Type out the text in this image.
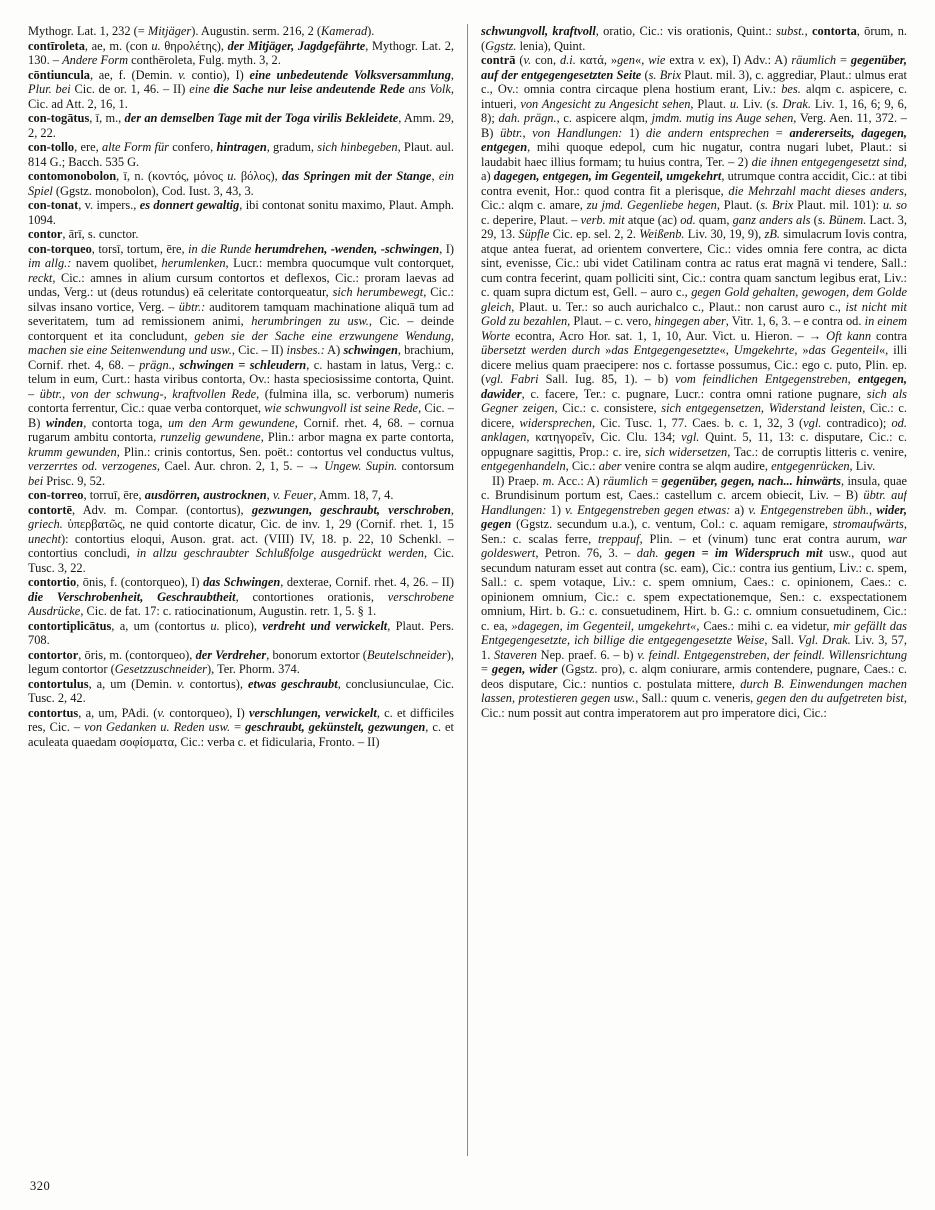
Mythogr. Lat. 1, 232 (= Mitjäger). Augustin. serm. 216, 2 (Kamerad).

contīroleta, ae, m. (con u. θηρολέτης), der Mitjäger, Jagdgefährte, Mythogr. Lat. 2, 130. – Andere Form conthēroleta, Fulg. myth. 3, 2.

cōntiuncula, ae, f. (Demin. v. contio), I) eine unbedeutende Volksversammlung, Plur. bei Cic. de or. 1, 46. – II) eine die Sache nur leise andeutende Rede ans Volk, Cic. ad Att. 2, 16, 1.

con-togātus, ī, m., der an demselben Tage mit der Toga virilis Bekleidete, Amm. 29, 2, 22.

con-tollo, ere, alte Form für confero, hintragen, gradum, sich hinbegeben, Plaut. aul. 814 G.; Bacch. 535 G.

contomonobolon, ī, n. (κοντός, μόνος u. βόλος), das Springen mit der Stange, ein Spiel (Ggstz. monobolon), Cod. Iust. 3, 43, 3.

con-tonat, v. impers., es donnert gewaltig, ibi contonat sonitu maximo, Plaut. Amph. 1094.

contor, ārī, s. cunctor.

con-torqueo, torsī, tortum, ēre, in die Runde herumdrehen, -wenden, -schwingen, I) im allg.: navem quolibet, herumlenken, Lucr.: membra quocumque vult contorquet, reckt, Cic.: amnes in alium cursum contortos et deflexos, Cic.: proram laevas ad undas, Verg.: ut (deus rotundus) eā celeritate contorqueatur, sich herumbewegt, Cic.: silvas insano vortice, Verg. – übtr.: auditorem tamquam machinatione aliquā tum ad severitatem, tum ad remissionem animi, herumbringen zu usw., Cic. – deinde contorquent et ita concludunt, geben sie der Sache eine erzwungene Wendung, machen sie eine Seitenwendung und usw., Cic. – II) insbes.: A) schwingen, brachium, Cornif. rhet. 4, 68. – prägn., schwingen = schleudern, c. hastam in latus, Verg.: c. telum in eum, Curt.: hasta viribus contorta, Ov.: hasta speciosissime contorta, Quint. – übtr., von der schwung-, kraftvollen Rede, (fulmina illa, sc. verborum) numeris contorta ferrentur, Cic.: quae verba contorquet, wie schwungvoll ist seine Rede, Cic. – B) winden, contorta toga, um den Arm gewundene, Cornif. rhet. 4, 68. – cornua rugarum ambitu contorta, runzelig gewundene, Plin.: arbor magna ex parte contorta, krumm gewunden, Plin.: crinis contortus, Sen. poët.: contortus vel conductus vultus, verzerrtes od. verzogenes, Cael. Aur. chron. 2, 1, 5. – → Ungew. Supin. contorsum bei Prisc. 9, 52.

con-torreo, torruī, ēre, ausdörren, austrocknen, v. Feuer, Amm. 18, 7, 4.

contortē, Adv. m. Compar. (contortus), gezwungen, geschraubt, verschroben, griech. ὑπερβατῶς, ne quid contorte dicatur, Cic. de inv. 1, 29 (Cornif. rhet. 1, 15 unecht): contortius eloqui, Auson. grat. act. (VIII) IV, 18. p. 22, 10 Schenkl. – contortius concludi, in allzu geschraubter Schlußfolge ausgedrückt werden, Cic. Tusc. 3, 22.

contortio, ōnis, f. (contorqueo), I) das Schwingen, dexterae, Cornif. rhet. 4, 26. – II) die Verschrobenheit, Geschraubtheit, contortiones orationis, verschrobene Ausdrücke, Cic. de fat. 17: c. ratiocinationum, Augustin. retr. 1, 5. § 1.

contortiplicātus, a, um (contortus u. plico), verdreht und verwickelt, Plaut. Pers. 708.

contortor, ōris, m. (contorqueo), der Verdreher, bonorum extortor (Beutelschneider), legum contortor (Gesetzzuschneider), Ter. Phorm. 374.

contortulus, a, um (Demin. v. contortus), etwas geschraubt, conclusiunculae, Cic. Tusc. 2, 42.

contortus, a, um, PAdi. (v. contorqueo), I) verschlungen, verwickelt, c. et difficiles res, Cic. – von Gedanken u. Reden usw. = geschraubt, gekünstelt, gezwungen, c. et aculeata quaedam σοφίσματα, Cic.: verba c. et fidicularia, Fronto. – II)

schwungvoll, kraftvoll, oratio, Cic.: vis orationis, Quint.: subst., contorta, ōrum, n. (Ggstz. lenia), Quint.

contrā (v. con, d.i. κατά, »gen«, wie extra v. ex), I) Adv.: A) räumlich = gegenüber, auf der entgegengesetzten Seite (s. Brix Plaut. mil. 3), c. aggrediar, Plaut.: ulmus erat c., Ov.: omnia contra circaque plena hostium erant, Liv.: bes. alqm c. aspicere, c. intueri, von Angesicht zu Angesicht sehen, Plaut. u. Liv. (s. Drak. Liv. 1, 16, 6; 9, 6, 8); dah. prägn., c. aspicere alqm, jmdm. mutig ins Auge sehen, Verg. Aen. 11, 372. – B) übtr., von Handlungen: 1) die andern entsprechen = andererseits, dagegen, entgegen, mihi quoque edepol, cum hic nugatur, contra nugari lubet, Plaut.: si laudabit haec illius formam; tu huius contra, Ter. – 2) die ihnen entgegengesetzt sind, a) dagegen, entgegen, im Gegenteil, umgekehrt, utrumque contra accidit, Cic.: at tibi contra evenit, Hor.: quod contra fit a plerisque, die Mehrzahl macht dieses anders, Cic.: alqm c. amare, zu jmd. Gegenliebe hegen, Plaut. (s. Brix Plaut. mil. 101): u. so c. deperire, Plaut. – verb. mit atque (ac) od. quam, ganz anders als (s. Bünem. Lact. 3, 29, 13. Süpfle Cic. ep. sel. 2, 2. Weißenb. Liv. 30, 19, 9), zB. simulacrum Iovis contra, atque antea fuerat, ad orientem convertere, Cic.: vides omnia fere contra, ac dicta sint, evenisse, Cic.: ubi videt Catilinam contra ac ratus erat magnā vi tendere, Sall.: cum contra fecerint, quam polliciti sint, Cic.: contra quam sanctum legibus erat, Liv.: c. quam supra dictum est, Gell. – auro c., gegen Gold gehalten, gewogen, dem Golde gleich, Plaut. u. Ter.: so auch aurichalco c., Plaut.: non carust auro c., ist nicht mit Gold zu bezahlen, Plaut. – c. vero, hingegen aber, Vitr. 1, 6, 3. – e contra od. in einem Worte econtra, Acro Hor. sat. 1, 1, 10, Aur. Vict. u. Hieron. – → Oft kann contra übersetzt werden durch »das Entgegengesetzte«, Umgekehrte, »das Gegenteil«, illi dicere melius quam praecipere: nos c. fortasse possumus, Cic.: ego c. puto, Plin. ep. (vgl. Fabri Sall. Iug. 85, 1). – b) vom feindlichen Entgegenstreben, entgegen, dawider, c. facere, Ter.: c. pugnare, Lucr.: contra omni ratione pugnare, sich als Gegner zeigen, Cic.: c. consistere, sich entgegensetzen, Widerstand leisten, Cic.: c. dicere, widersprechen, Cic. Tusc. 1, 77. Caes. b. c. 1, 32, 3 (vgl. contradico); od. anklagen, κατηγορεῖν, Cic. Clu. 134; vgl. Quint. 5, 11, 13: c. disputare, Cic.: c. oppugnare sagittis, Prop.: c. ire, sich widersetzen, Tac.: de corruptis litteris c. venire, entgegenhandeln, Cic.: aber venire contra se alqm audire, entgegenrücken, Liv.

II) Praep. m. Acc.: A) räumlich = gegenüber, gegen, nach... hinwärts, insula, quae c. Brundisinum portum est, Caes.: castellum c. arcem obiecit, Liv. – B) übtr. auf Handlungen: 1) v. Entgegenstreben gegen etwas: a) v. Entgegenstreben übh., wider, gegen (Ggstz. secundum u.a.), c. ventum, Col.: c. aquam remigare, stromaufwärts, Sen.: c. scalas ferre, treppauf, Plin. – et (vinum) tunc erat contra aurum, war goldeswert, Petron. 76, 3. – dah. gegen = im Widerspruch mit usw., quod aut secundum naturam esset aut contra (sc. eam), Cic.: contra ius gentium, Liv.: c. spem, Sall.: c. spem votaque, Liv.: c. spem omnium, Caes.: c. opinionem, Caes.: c. opinionem omnium, Cic.: c. spem expectationemque, Sen.: c. exspectationem omnium, Hirt. b. G.: c. consuetudinem, Hirt. b. G.: c. omnium consuetudinem, Cic.: c. ea, »dagegen, im Gegenteil, umgekehrt«, Caes.: mihi c. ea videtur, mir gefällt das Entgegengesetzte, ich billige die entgegengesetzte Weise, Sall. Vgl. Drak. Liv. 3, 57, 1. Staveren Nep. praef. 6. – b) v. feindl. Entgegenstreben, der feindl. Willensrichtung = gegen, wider (Ggstz. pro), c. alqm coniurare, armis contendere, pugnare, Caes.: c. deos disputare, Cic.: nuntios c. postulata mittere, durch B. Einwendungen machen lassen, protestieren gegen usw., Sall.: quum c. veneris, gegen den du aufgetreten bist, Cic.: num possit aut contra imperatorem aut pro imperatore dici, Cic.:

320
